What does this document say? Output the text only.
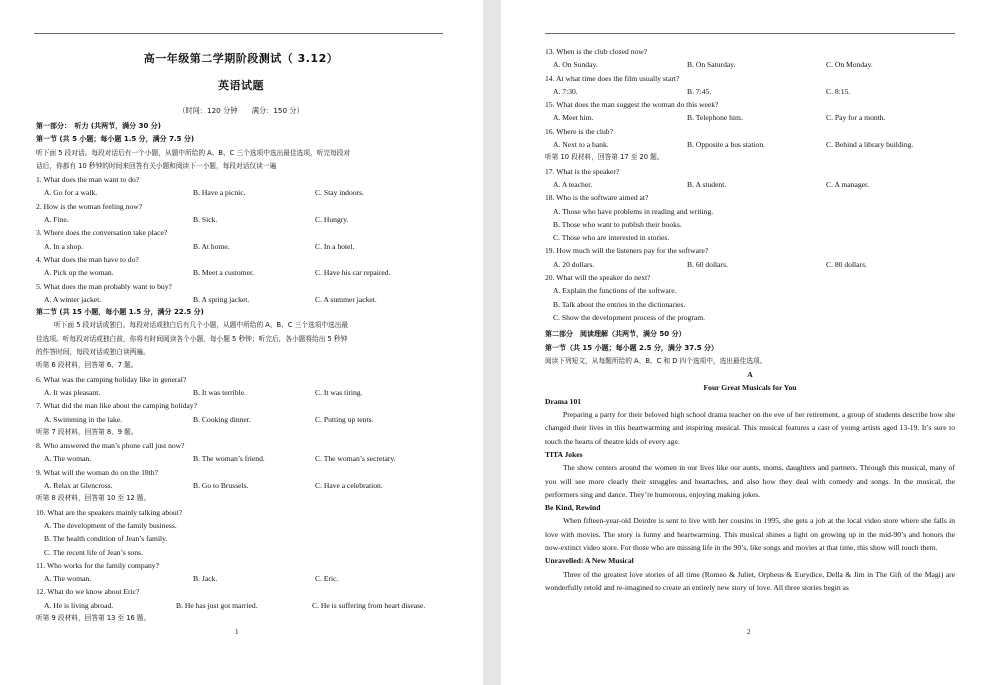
高一年级第二学期阶段测试（ 3.12）
英语试题
（时间：120 分钟　　满分：150 分）
第一部分：　听力 (共两节，满分 30 分)
第一节 (共 5 小题；每小题 1.5 分，满分 7.5 分)
听下面 5 段对话。每段对话后有一个小题，从题中所给的 A、B、C 三个选项中选出最佳选项，听完每段对
话后，你都有 10 秒钟的时间来回答有关小题和阅读下一小题，每段对话仅读一遍
1. What does the man want to do?
A. Go for a walk.	B. Have a picnic.	C. Stay indoors.
2. How is the woman feeling now?
A. Fine.	B. Sick.	C. Hungry.
3. Where does the conversation take place?
A. In a shop.	B. At home.	C. In a hotel.
4. What does the man have to do?
A. Pick up the woman.	B. Meet a customer.	C. Have his car repaired.
5. What does the man probably want to buy?
A. A winter jacket.	B. A spring jacket.	C. A summer jacket.
第二节 (共 15 小题，每小题 1.5 分，满分 22.5 分)
听下面 5 段对话或独白。每段对话或独白后有几个小题，从题中所给的 A、B、C 三个选项中选出最
佳选项。听每段对话或独白前，你将有时间阅读各个小题，每小题 5 秒钟；听完后，各小题将给出 5 秒钟
的作答时间，每段对话或独白读两遍。
听第 6 段材料，回答第 6、7 题。
6. What was the camping holiday like in general?
A. It was pleasant.	B. It was terrible.	C. It was tiring.
7. What did the man like about the camping holiday?
A. Swimming in the lake.	B. Cooking dinner.	C. Putting up tents.
听第 7 段材料，回答第 8、9 题。
8. Who answered the man’s phone call just now?
A. The woman.	B. The woman’s friend.	C. The woman’s secretary.
9. What will the woman do on the 18th?
A. Relax at Glencross.	B. Go to Brussels.	C. Have a celebration.
听第 8 段材料，回答第 10 至 12 题。
10. What are the speakers mainly talking about?
A. The development of the family business.
B. The health condition of Jean’s family.
C. The recent life of Jean’s sons.
11. Who works for the family company?
A. The woman.	B. Jack.	C. Eric.
12. What do we know about Eric?
A. He is living abroad.	B. He has just got married.	C. He is suffering from heart disease.
听第 9 段材料，回答第 13 至 16 题。
1
13. When is the club closed now?
A. On Sunday.	B. On Saturday.	C. On Monday.
14. At what time does the film usually start?
A. 7:30.	B. 7:45.	C. 8:15.
15. What does the man suggest the woman do this week?
A. Meet him.	B. Telephone him.	C. Pay for a month.
16. Where is the club?
A. Next to a bank.	B. Opposite a bus station.	C. Behind a library building.
听第 10 段材料，回答第 17 至 20 题。
17. What is the speaker?
A. A teacher.	B. A student.	C. A manager.
18. Who is the software aimed at?
A. Those who have problems in reading and writing.
B. Those who want to publish their books.
C. Those who are interested in stories.
19. How much will the listeners pay for the software?
A. 20 dollars.	B. 60 dollars.	C. 80 dollars.
20. What will the speaker do next?
A. Explain the functions of the software.
B. Talk about the entries in the dictionaries.
C. Show the development process of the program.
第二部分　阅读理解（共两节，满分 50 分）
第一节（共 15 小题；每小题 2.5 分，满分 37.5 分）
阅读下列短文，从每题所给的 A、B、C 和 D 四个选项中，选出最佳选项。
A
Four Great Musicals for You
Drama 101
Preparing a party for their beloved high school drama teacher on the eve of her retirement, a group of students describe how she changed their lives in this heartwarming and inspiring musical. This musical features a cast of young artists aged 13-19. It’s sure to touch the hearts of theatre kids of every age.
TITA Jokes
The show centers around the women in our lives like our aunts, moms, daughters and partners. Through this musical, many of you will see more clearly their struggles and heartaches, and also how they deal with comedy and songs. In the musical, the performers sing and dance. They’re humorous, enjoying making jokes.
Be Kind, Rewind
When fifteen-year-old Deirdre is sent to live with her cousins in 1995, she gets a job at the local video store where she falls in love with movies. The story is funny and heartwarming. This musical shines a light on growing up in the mid-90’s and honors the now-extinct video store. For those who are missing life in the 90’s, like songs and movies at that time, this show will touch them.
Unravelled: A New Musical
Three of the greatest love stories of all time (Romeo & Juliet, Orpheus & Eurydice, Della & Jim in The Gift of the Magi) are wonderfully retold and re-imagined to create an entirely new story of love. All three stories begin as
2
